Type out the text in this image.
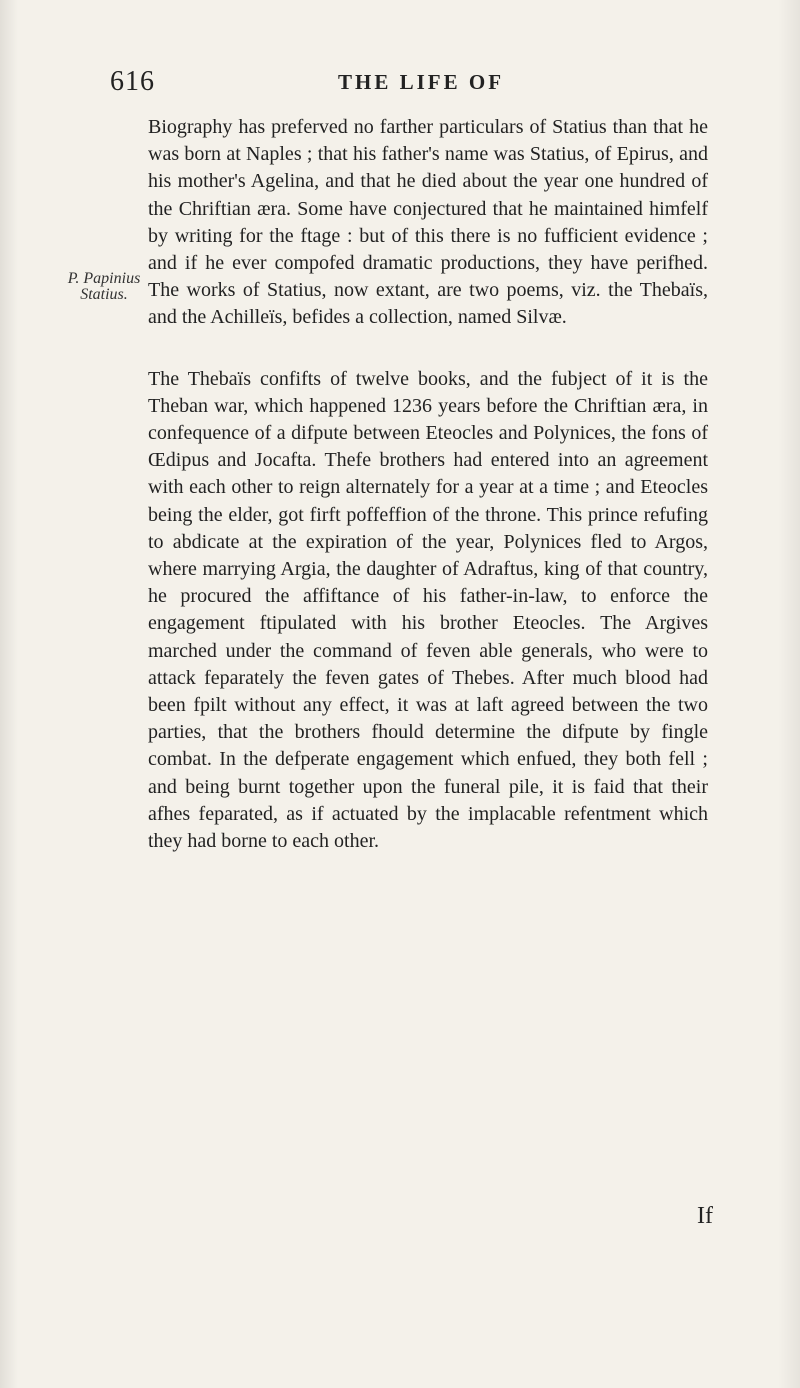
616	THE LIFE OF
P. Papinius
Statius.

Biography has preferved no farther particulars of Statius than that he was born at Naples ; that his father's name was Statius, of Epirus, and his mother's Agelina, and that he died about the year one hundred of the Chriftian æra. Some have conjectured that he maintained himfelf by writing for the ftage : but of this there is no fufficient evidence ; and if he ever compofed dramatic productions, they have perifhed. The works of Statius, now extant, are two poems, viz. the Thebaïs, and the Achilleïs, befides a collection, named Silvæ.

The Thebaïs confifts of twelve books, and the fubject of it is the Theban war, which happened 1236 years before the Chriftian æra, in confequence of a difpute between Eteocles and Polynices, the fons of Œdipus and Jocafta. Thefe brothers had entered into an agreement with each other to reign alternately for a year at a time ; and Eteocles being the elder, got firft poffeffion of the throne. This prince refufing to abdicate at the expiration of the year, Polynices fled to Argos, where marrying Argia, the daughter of Adraftus, king of that country, he procured the affiftance of his father-in-law, to enforce the engagement ftipulated with his brother Eteocles. The Argives marched under the command of feven able generals, who were to attack feparately the feven gates of Thebes. After much blood had been fpilt without any effect, it was at laft agreed between the two parties, that the brothers fhould determine the difpute by fingle combat. In the defperate engagement which enfued, they both fell ; and being burnt together upon the funeral pile, it is faid that their afhes feparated, as if actuated by the implacable refentment which they had borne to each other.

If
